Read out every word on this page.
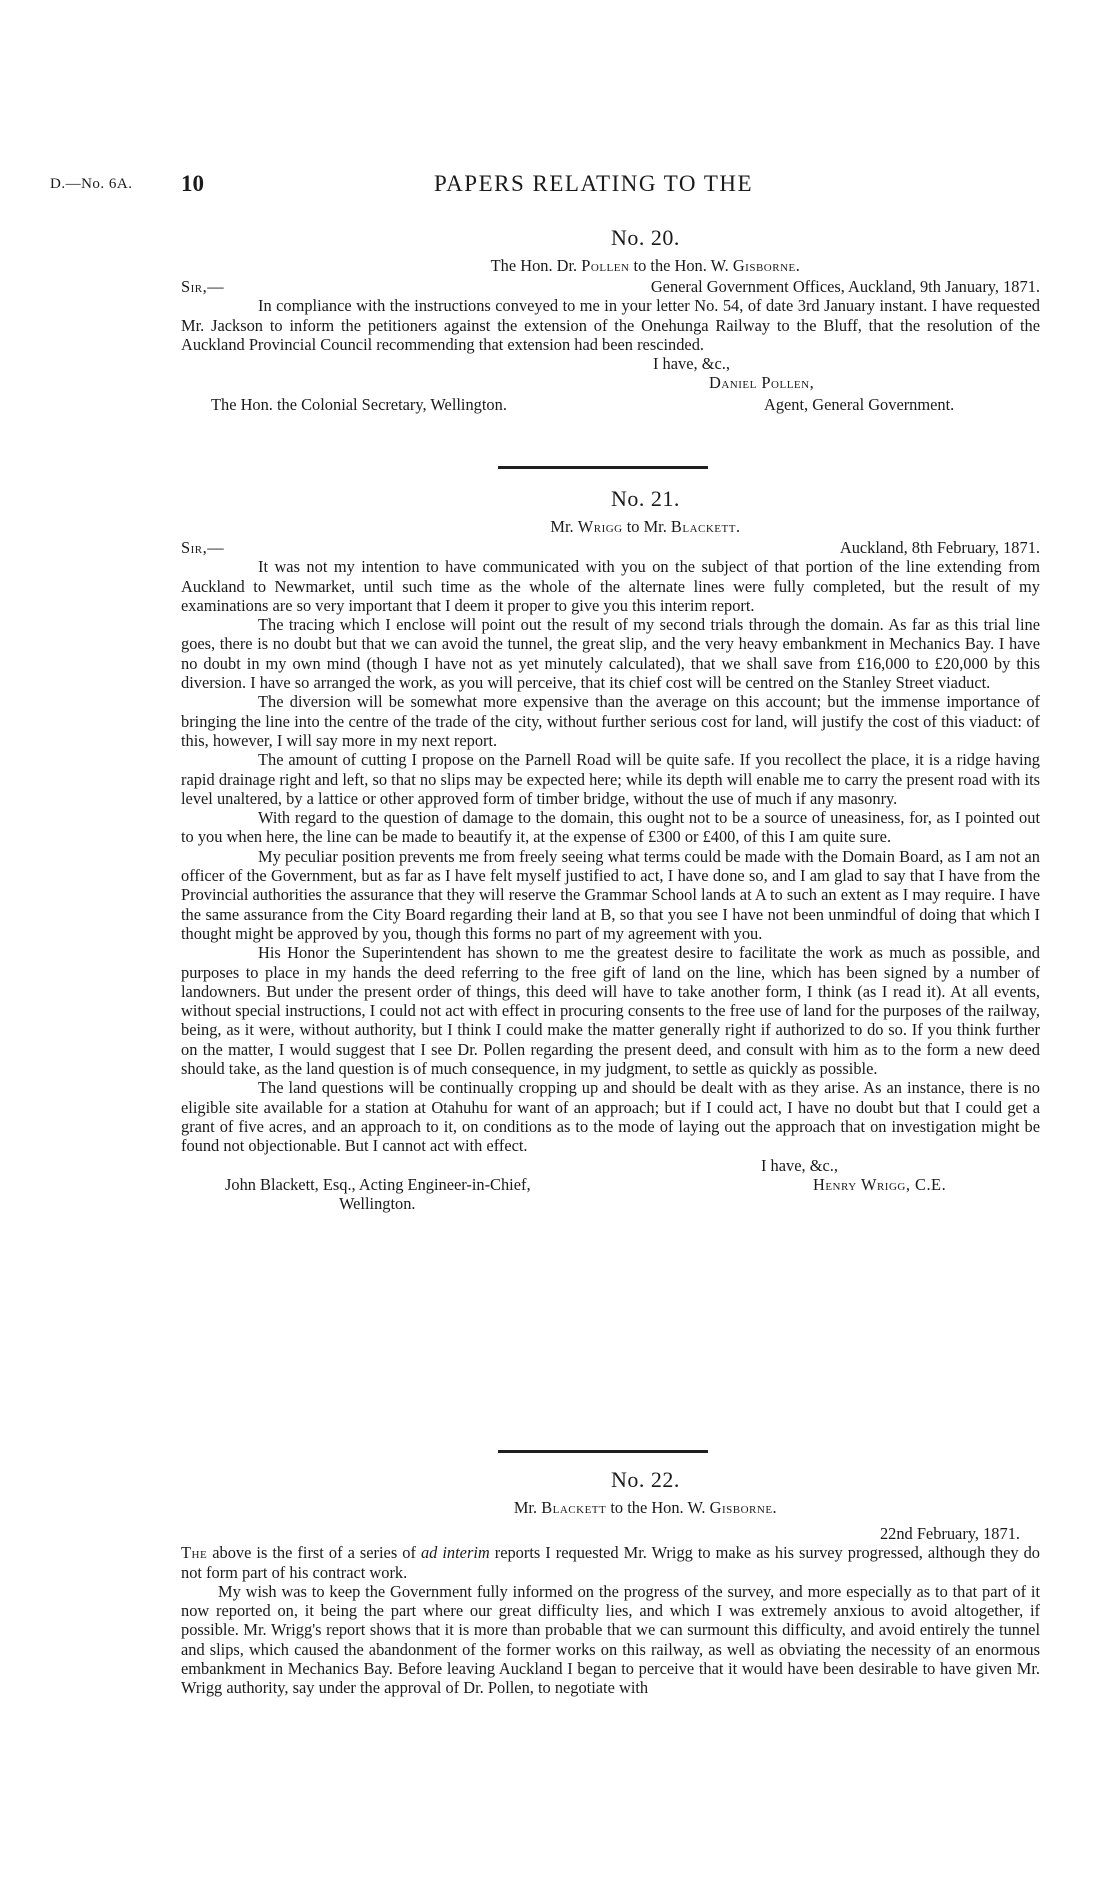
D.—No. 6A. 10	PAPERS RELATING TO THE
No. 20.
The Hon. Dr. Pollen to the Hon. W. Gisborne.
Sir,—	General Government Offices, Auckland, 9th January, 1871.

In compliance with the instructions conveyed to me in your letter No. 54, of date 3rd January instant. I have requested Mr. Jackson to inform the petitioners against the extension of the Onehunga Railway to the Bluff, that the resolution of the Auckland Provincial Council recommending that extension had been rescinded.

I have, &c.,
Daniel Pollen,
The Hon. the Colonial Secretary, Wellington.	Agent, General Government.
No. 21.
Mr. Wrigg to Mr. Blackett.
Sir,—	Auckland, 8th February, 1871.

It was not my intention to have communicated with you on the subject of that portion of the line extending from Auckland to Newmarket, until such time as the whole of the alternate lines were fully completed, but the result of my examinations are so very important that I deem it proper to give you this interim report.

The tracing which I enclose will point out the result of my second trials through the domain. As far as this trial line goes, there is no doubt but that we can avoid the tunnel, the great slip, and the very heavy embankment in Mechanics Bay. I have no doubt in my own mind (though I have not as yet minutely calculated), that we shall save from £16,000 to £20,000 by this diversion. I have so arranged the work, as you will perceive, that its chief cost will be centred on the Stanley Street viaduct.

The diversion will be somewhat more expensive than the average on this account; but the immense importance of bringing the line into the centre of the trade of the city, without further serious cost for land, will justify the cost of this viaduct: of this, however, I will say more in my next report.

The amount of cutting I propose on the Parnell Road will be quite safe. If you recollect the place, it is a ridge having rapid drainage right and left, so that no slips may be expected here; while its depth will enable me to carry the present road with its level unaltered, by a lattice or other approved form of timber bridge, without the use of much if any masonry.

With regard to the question of damage to the domain, this ought not to be a source of uneasiness, for, as I pointed out to you when here, the line can be made to beautify it, at the expense of £300 or £400, of this I am quite sure.

My peculiar position prevents me from freely seeing what terms could be made with the Domain Board, as I am not an officer of the Government, but as far as I have felt myself justified to act, I have done so, and I am glad to say that I have from the Provincial authorities the assurance that they will reserve the Grammar School lands at A to such an extent as I may require. I have the same assurance from the City Board regarding their land at B, so that you see I have not been unmindful of doing that which I thought might be approved by you, though this forms no part of my agreement with you.

His Honor the Superintendent has shown to me the greatest desire to facilitate the work as much as possible, and purposes to place in my hands the deed referring to the free gift of land on the line, which has been signed by a number of landowners. But under the present order of things, this deed will have to take another form, I think (as I read it). At all events, without special instructions, I could not act with effect in procuring consents to the free use of land for the purposes of the railway, being, as it were, without authority, but I think I could make the matter generally right if authorized to do so. If you think further on the matter, I would suggest that I see Dr. Pollen regarding the present deed, and consult with him as to the form a new deed should take, as the land question is of much consequence, in my judgment, to settle as quickly as possible.

The land questions will be continually cropping up and should be dealt with as they arise. As an instance, there is no eligible site available for a station at Otahuhu for want of an approach; but if I could act, I have no doubt but that I could get a grant of five acres, and an approach to it, on conditions as to the mode of laying out the approach that on investigation might be found not objectionable. But I cannot act with effect.

I have, &c.,
Henry Wrigg, C.E.
John Blackett, Esq., Acting Engineer-in-Chief,
Wellington.
No. 22.
Mr. Blackett to the Hon. W. Gisborne.
22nd February, 1871.

The above is the first of a series of ad interim reports I requested Mr. Wrigg to make as his survey progressed, although they do not form part of his contract work.

My wish was to keep the Government fully informed on the progress of the survey, and more especially as to that part of it now reported on, it being the part where our great difficulty lies, and which I was extremely anxious to avoid altogether, if possible. Mr. Wrigg's report shows that it is more than probable that we can surmount this difficulty, and avoid entirely the tunnel and slips, which caused the abandonment of the former works on this railway, as well as obviating the necessity of an enormous embankment in Mechanics Bay. Before leaving Auckland I began to perceive that it would have been desirable to have given Mr. Wrigg authority, say under the approval of Dr. Pollen, to negotiate with
